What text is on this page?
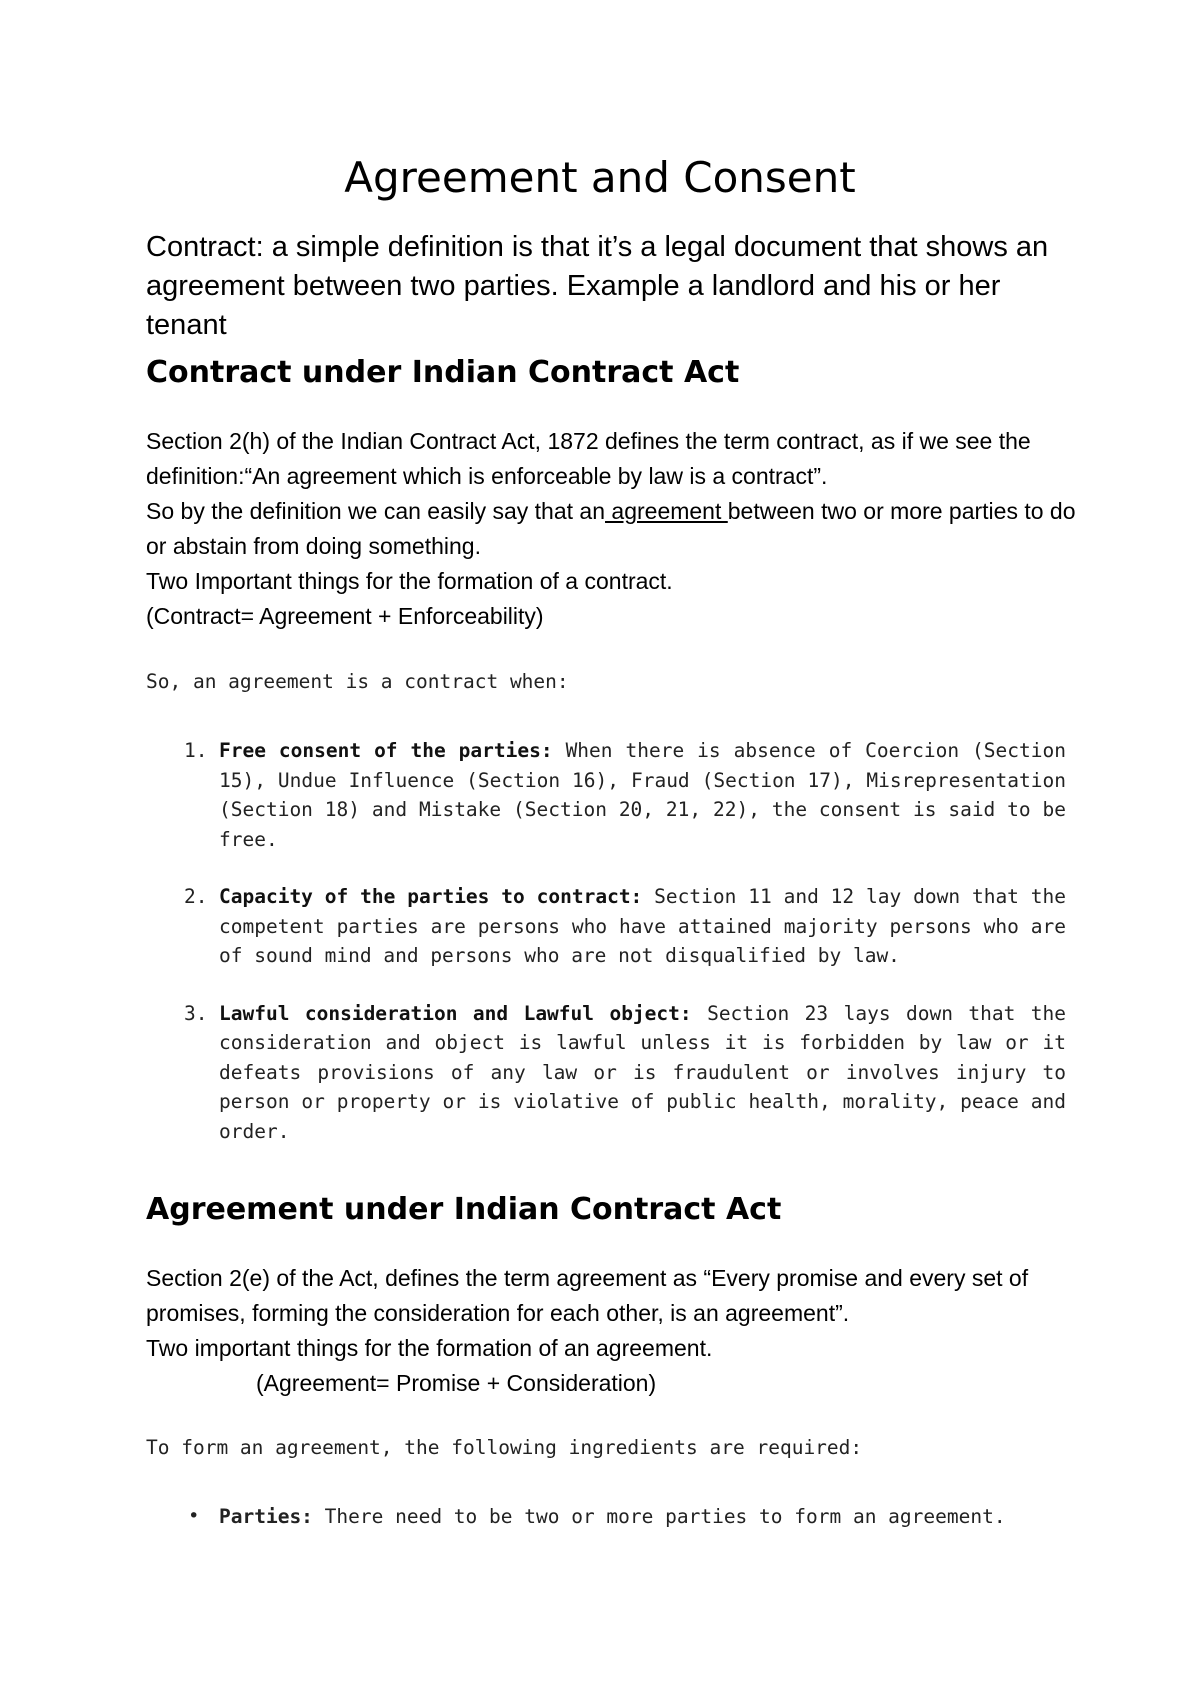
Agreement and Consent

Contract: a simple definition is that it’s a legal document that shows an agreement between two parties. Example a landlord and his or her tenant

Contract under Indian Contract Act

Section 2(h) of the Indian Contract Act, 1872 defines the term contract, as if we see the definition:“An agreement which is enforceable by law is a contract”.

So by the definition we can easily say that an agreement between two or more parties to do or abstain from doing something.

Two Important things for the formation of a contract.

(Contract= Agreement + Enforceability)

So, an agreement is a contract when:

1. Free consent of the parties: When there is absence of Coercion (Section 15), Undue Influence (Section 16), Fraud (Section 17), Misrepresentation (Section 18) and Mistake (Section 20, 21, 22), the consent is said to be free.
2. Capacity of the parties to contract: Section 11 and 12 lay down that the competent parties are persons who have attained majority persons who are of sound mind and persons who are not disqualified by law.
3. Lawful consideration and Lawful object: Section 23 lays down that the consideration and object is lawful unless it is forbidden by law or it defeats provisions of any law or is fraudulent or involves injury to person or property or is violative of public health, morality, peace and order.
Agreement under Indian Contract Act

Section 2(e) of the Act, defines the term agreement as “Every promise and every set of promises, forming the consideration for each other, is an agreement”.

Two important things for the formation of an agreement.

(Agreement= Promise + Consideration)

To form an agreement, the following ingredients are required:

• Parties: There need to be two or more parties to form an agreement.
